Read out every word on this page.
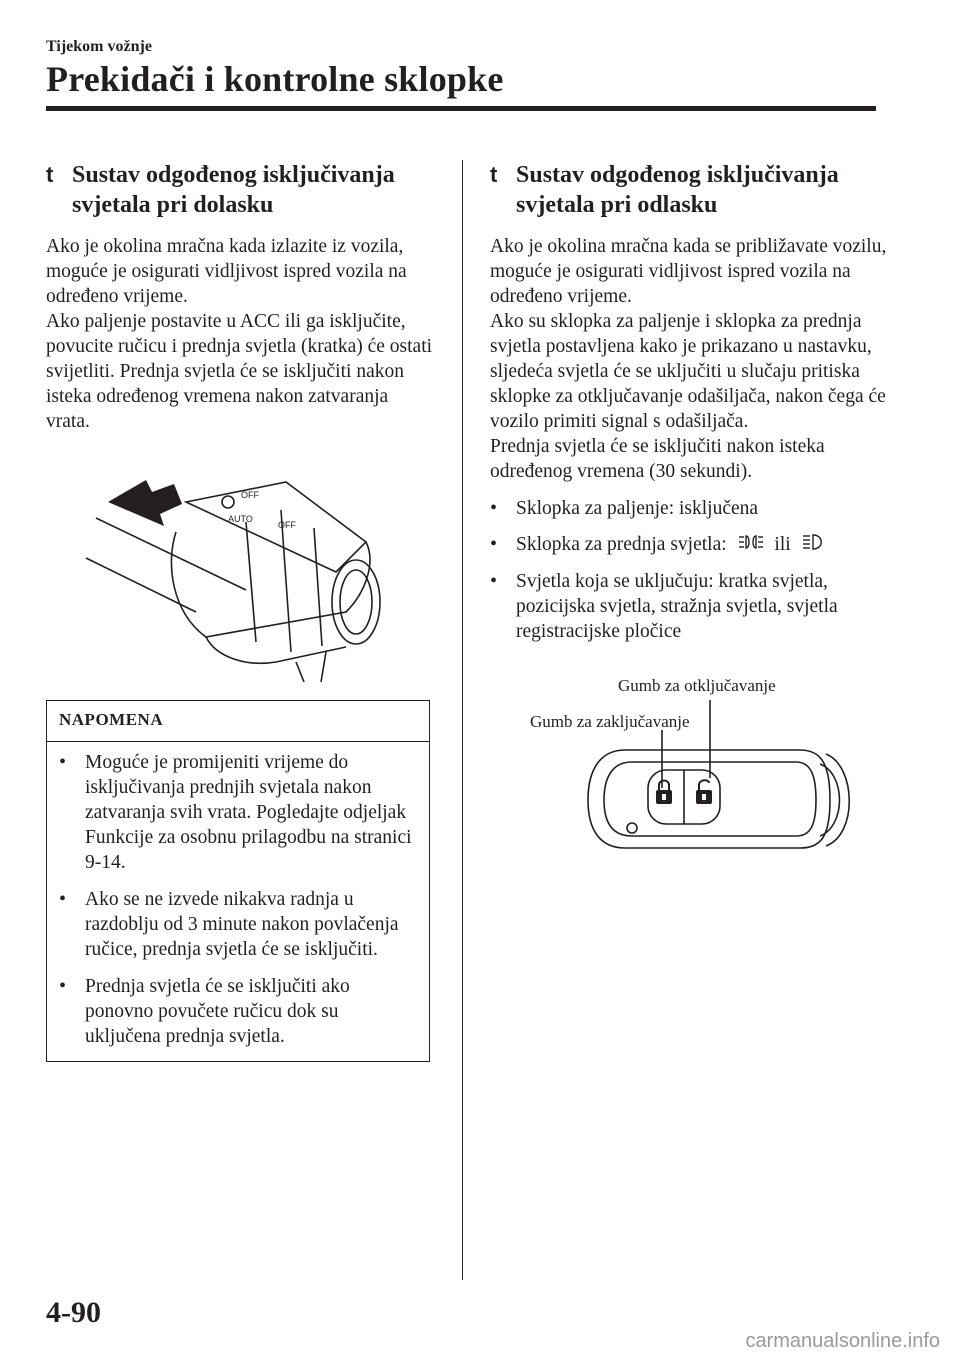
Tijekom vožnje
Prekidači i kontrolne sklopke
t Sustav odgođenog isključivanja svjetala pri dolasku

Ako je okolina mračna kada izlazite iz vozila, moguće je osigurati vidljivost ispred vozila na određeno vrijeme.

Ako paljenje postavite u ACC ili ga isključite, povucite ručicu i prednja svjetla (kratka) će ostati svijetliti. Prednja svjetla će se isključiti nakon isteka određenog vremena nakon zatvaranja vrata.

OFF
AUTO
OFF
NAPOMENA
• Moguće je promijeniti vrijeme do isključivanja prednjih svjetala nakon zatvaranja svih vrata. Pogledajte odjeljak Funkcije za osobnu prilagodbu na stranici 9-14.
• Ako se ne izvede nikakva radnja u razdoblju od 3 minute nakon povlačenja ručice, prednja svjetla će se isključiti.
• Prednja svjetla će se isključiti ako ponovno povučete ručicu dok su uključena prednja svjetla.
t Sustav odgođenog isključivanja svjetala pri odlasku

Ako je okolina mračna kada se približavate vozilu, moguće je osigurati vidljivost ispred vozila na određeno vrijeme.

Ako su sklopka za paljenje i sklopka za prednja svjetla postavljena kako je prikazano u nastavku, sljedeća svjetla će se uključiti u slučaju pritiska sklopke za otključavanje odašiljača, nakon čega će vozilo primiti signal s odašiljača.

Prednja svjetla će se isključiti nakon isteka određenog vremena (30 sekundi).

• Sklopka za paljenje: isključena
• Sklopka za prednja svjetla: ili
• Svjetla koja se uključuju: kratka svjetla, pozicijska svjetla, stražnja svjetla, svjetla registracijske pločice
Gumb za otključavanje
Gumb za zaključavanje
4-90
carmanualsonline.info
